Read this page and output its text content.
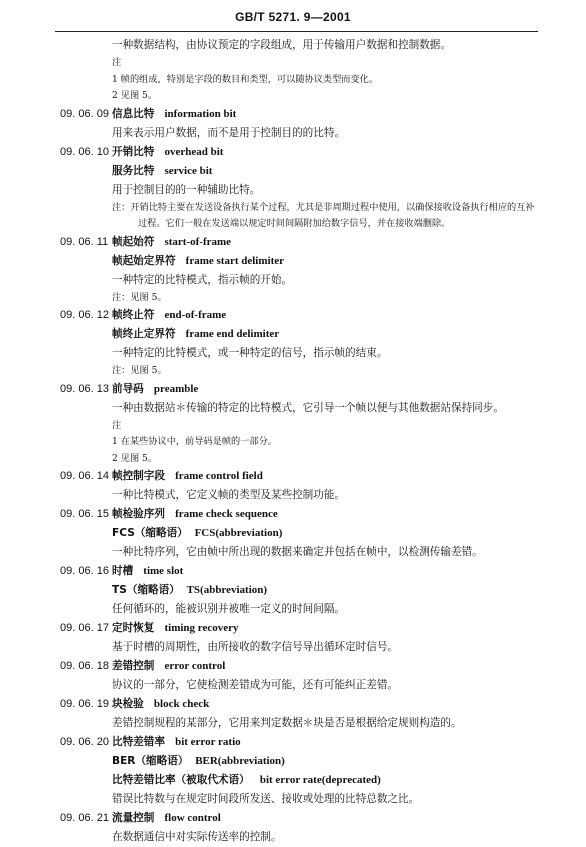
GB/T 5271. 9—2001
一种数据结构，由协议预定的字段组成，用于传输用户数据和控制数据。
注
1 帧的组成，特别是字段的数目和类型，可以随协议类型而变化。
2 见图 5。
09. 06. 09 信息比特 information bit
用来表示用户数据，而不是用于控制目的的比特。
09. 06. 10 开销比特 overhead bit
服务比特 service bit
用于控制目的的一种辅助比特。
注：开销比特主要在发送设备执行某个过程，尤其是非周期过程中使用，以确保接收设备执行相应的互补
过程。它们一般在发送端以规定时间间隔附加给数字信号，并在接收端删除。
09. 06. 11 帧起始符 start-of-frame
帧起始定界符 frame start delimiter
一种特定的比特模式，指示帧的开始。
注：见图 5。
09. 06. 12 帧终止符 end-of-frame
帧终止定界符 frame end delimiter
一种特定的比特模式，或一种特定的信号，指示帧的结束。
注：见图 5。
09. 06. 13 前导码 preamble
一种由数据站＊传输的特定的比特模式，它引导一个帧以便与其他数据站保持同步。
注
1 在某些协议中，前导码是帧的一部分。
2 见图 5。
09. 06. 14 帧控制字段 frame control field
一种比特模式，它定义帧的类型及某些控制功能。
09. 06. 15 帧检验序列 frame check sequence
FCS（缩略语） FCS(abbreviation)
一种比特序列，它由帧中所出现的数据来确定并包括在帧中，以检测传输差错。
09. 06. 16 时槽 time slot
TS（缩略语） TS(abbreviation)
任何循环的，能被识别并被唯一定义的时间间隔。
09. 06. 17 定时恢复 timing recovery
基于时槽的周期性，由所接收的数字信号导出循环定时信号。
09. 06. 18 差错控制 error control
协议的一部分，它使检测差错成为可能，还有可能纠正差错。
09. 06. 19 块检验 block check
差错控制规程的某部分，它用来判定数据＊块是否是根据给定规则构造的。
09. 06. 20 比特差错率 bit error ratio
BER（缩略语） BER(abbreviation)
比特差错比率（被取代术语） bit error rate(deprecated)
错误比特数与在规定时间段所发送、接收或处理的比特总数之比。
09. 06. 21 流量控制 flow control
在数据通信中对实际传送率的控制。
